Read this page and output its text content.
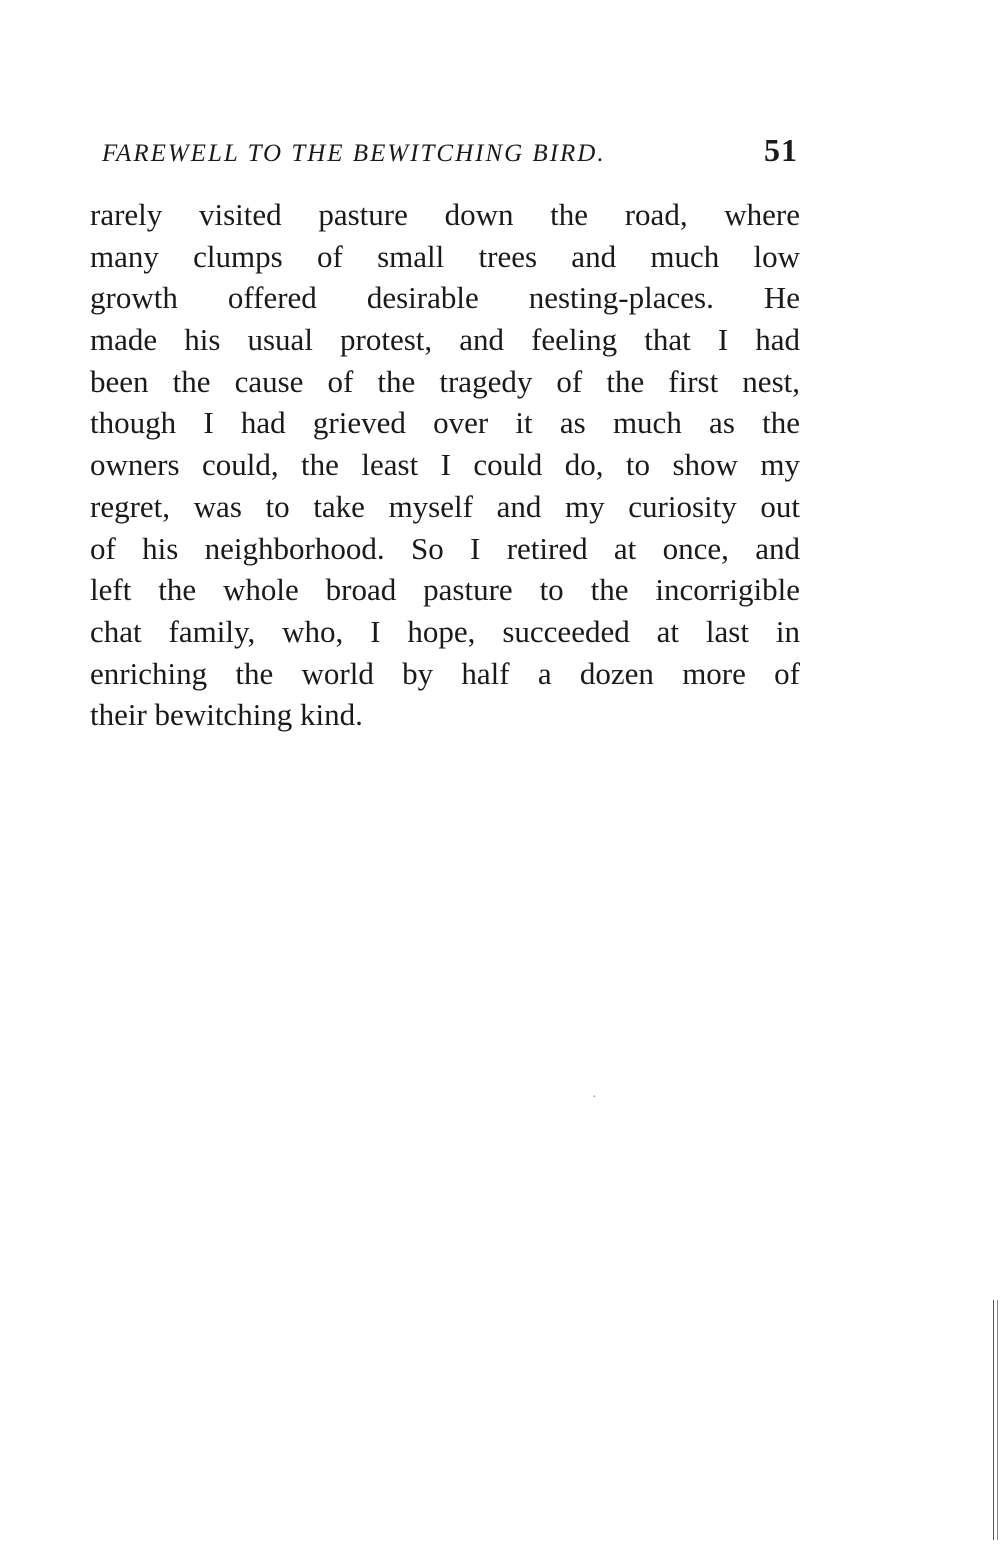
FAREWELL TO THE BEWITCHING BIRD.	51
rarely visited pasture down the road, where
many clumps of small trees and much low
growth offered desirable nesting-places. He
made his usual protest, and feeling that I had
been the cause of the tragedy of the first nest,
though I had grieved over it as much as the
owners could, the least I could do, to show my
regret, was to take myself and my curiosity out
of his neighborhood. So I retired at once, and
left the whole broad pasture to the incorrigible
chat family, who, I hope, succeeded at last in
enriching the world by half a dozen more of
their bewitching kind.
·
